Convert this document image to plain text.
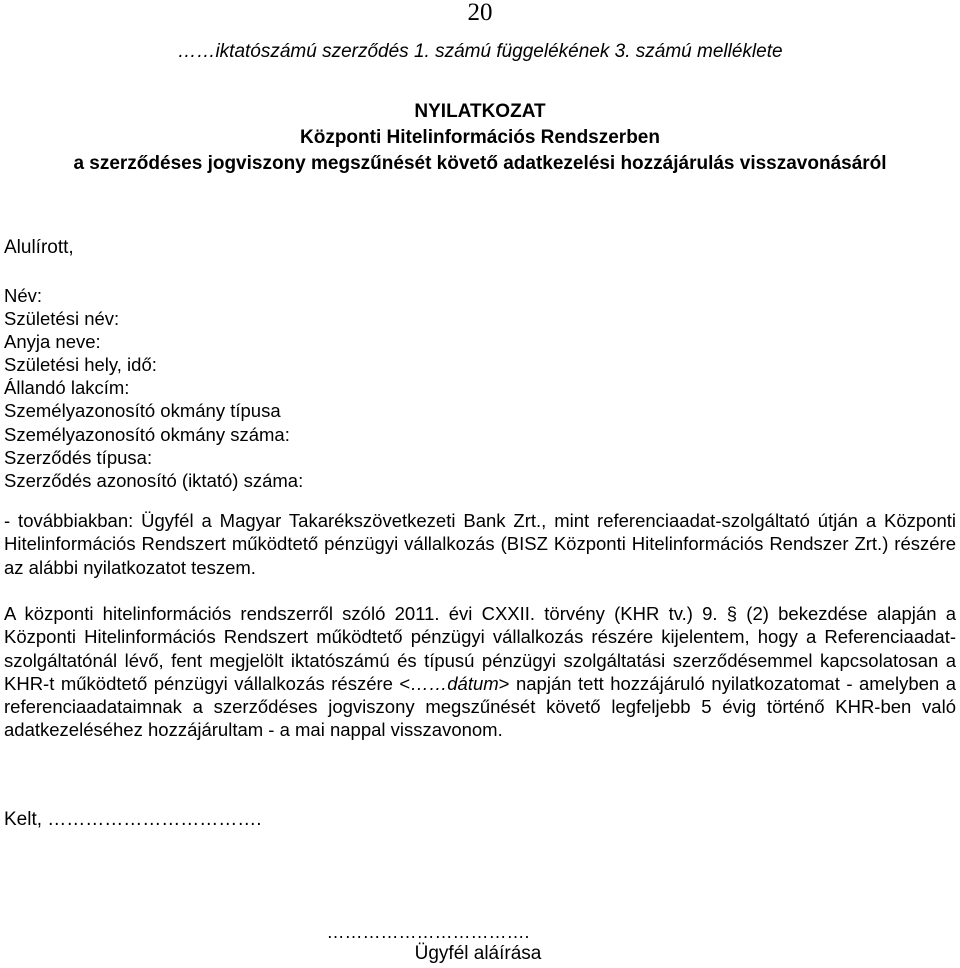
20
……iktatószámú szerződés 1. számú függelékének 3. számú melléklete
NYILATKOZAT
Központi Hitelinformációs Rendszerben
a szerződéses jogviszony megszűnését követő adatkezelési hozzájárulás visszavonásáról
Alulírott,
Név:
Születési név:
Anyja neve:
Születési hely, idő:
Állandó lakcím:
Személyazonosító okmány típusa
Személyazonosító okmány száma:
Szerződés típusa:
Szerződés azonosító (iktató) száma:
- továbbiakban: Ügyfél a Magyar Takarékszövetkezeti Bank Zrt., mint referenciaadat-szolgáltató útján a Központi Hitelinformációs Rendszert működtető pénzügyi vállalkozás (BISZ Központi Hitelinformációs Rendszer Zrt.) részére az alábbi nyilatkozatot teszem.
A központi hitelinformációs rendszerről szóló 2011. évi CXXII. törvény (KHR tv.) 9. § (2) bekezdése alapján a Központi Hitelinformációs Rendszert működtető pénzügyi vállalkozás részére kijelentem, hogy a Referenciaadat-szolgáltatónál lévő, fent megjelölt iktatószámú és típusú pénzügyi szolgáltatási szerződésemmel kapcsolatosan a KHR-t működtető pénzügyi vállalkozás részére <……dátum> napján tett hozzájáruló nyilatkozatomat - amelyben a referenciaadataimnak a szerződéses jogviszony megszűnését követő legfeljebb 5 évig történő KHR-ben való adatkezeléséhez hozzájárultam - a mai nappal visszavonom.
Kelt, …………………………….
…………………………….
Ügyfél aláírása
